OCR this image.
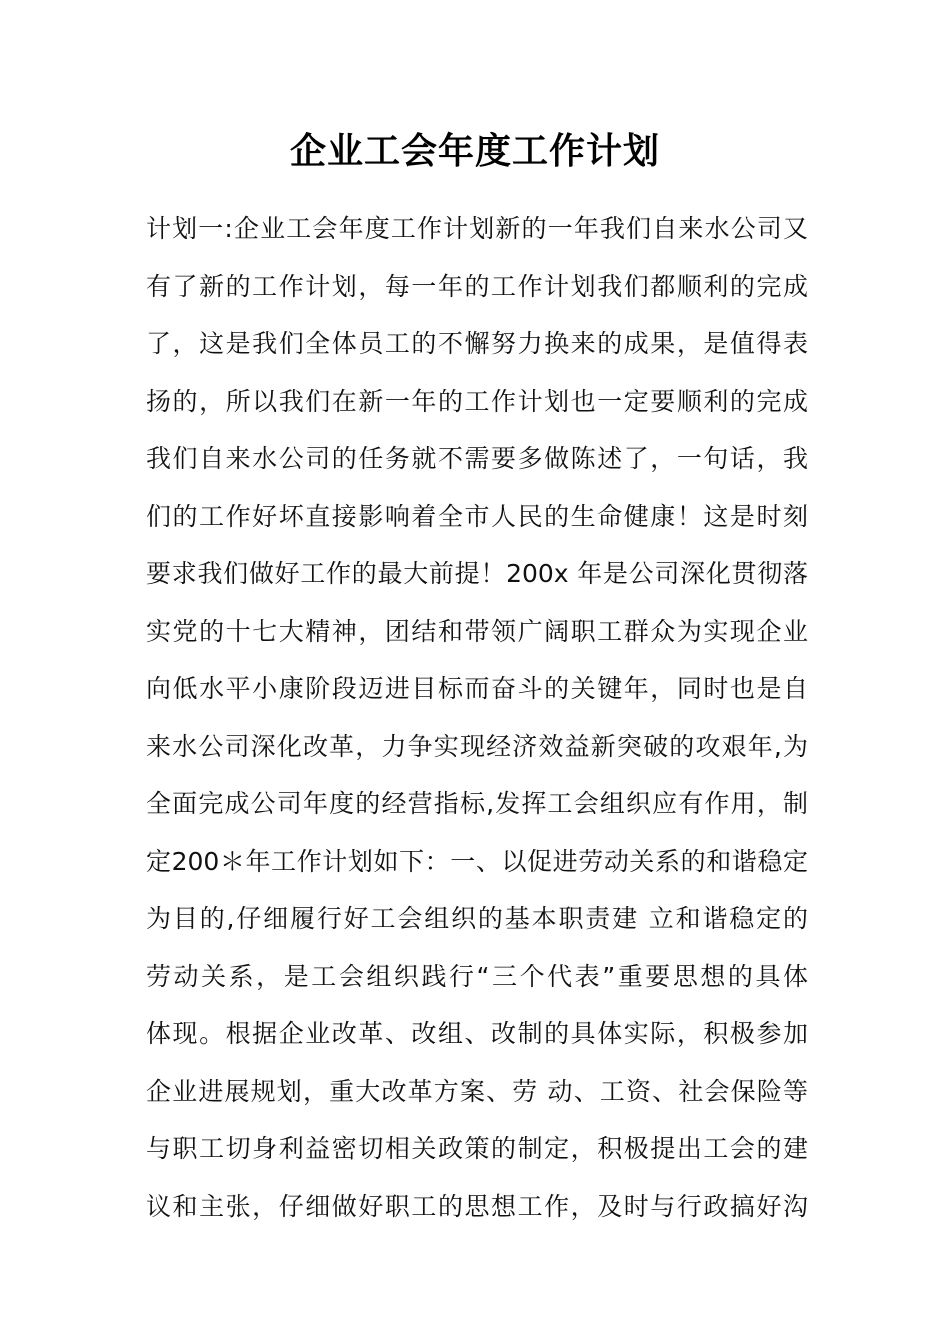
企业工会年度工作计划
计划一:企业工会年度工作计划新的一年我们自来水公司又
有了新的工作计划，每一年的工作计划我们都顺利的完成
了，这是我们全体员工的不懈努力换来的成果，是值得表
扬的，所以我们在新一年的工作计划也一定要顺利的完成
我们自来水公司的任务就不需要多做陈述了，一句话，我
们的工作好坏直接影响着全市人民的生命健康！这是时刻
要求我们做好工作的最大前提！200x 年是公司深化贯彻落
实党的十七大精神，团结和带领广阔职工群众为实现企业
向低水平小康阶段迈进目标而奋斗的关键年，同时也是自
来水公司深化改革，力争实现经济效益新突破的攻艰年,为
全面完成公司年度的经营指标,发挥工会组织应有作用，制
定200＊年工作计划如下：一、以促进劳动关系的和谐稳定
为目的,仔细履行好工会组织的基本职责建 立和谐稳定的
劳动关系，是工会组织践行“三个代表”重要思想的具体
体现。根据企业改革、改组、改制的具体实际，积极参加
企业进展规划，重大改革方案、劳 动、工资、社会保险等
与职工切身利益密切相关政策的制定，积极提出工会的建
议和主张，仔细做好职工的思想工作，及时与行政搞好沟
